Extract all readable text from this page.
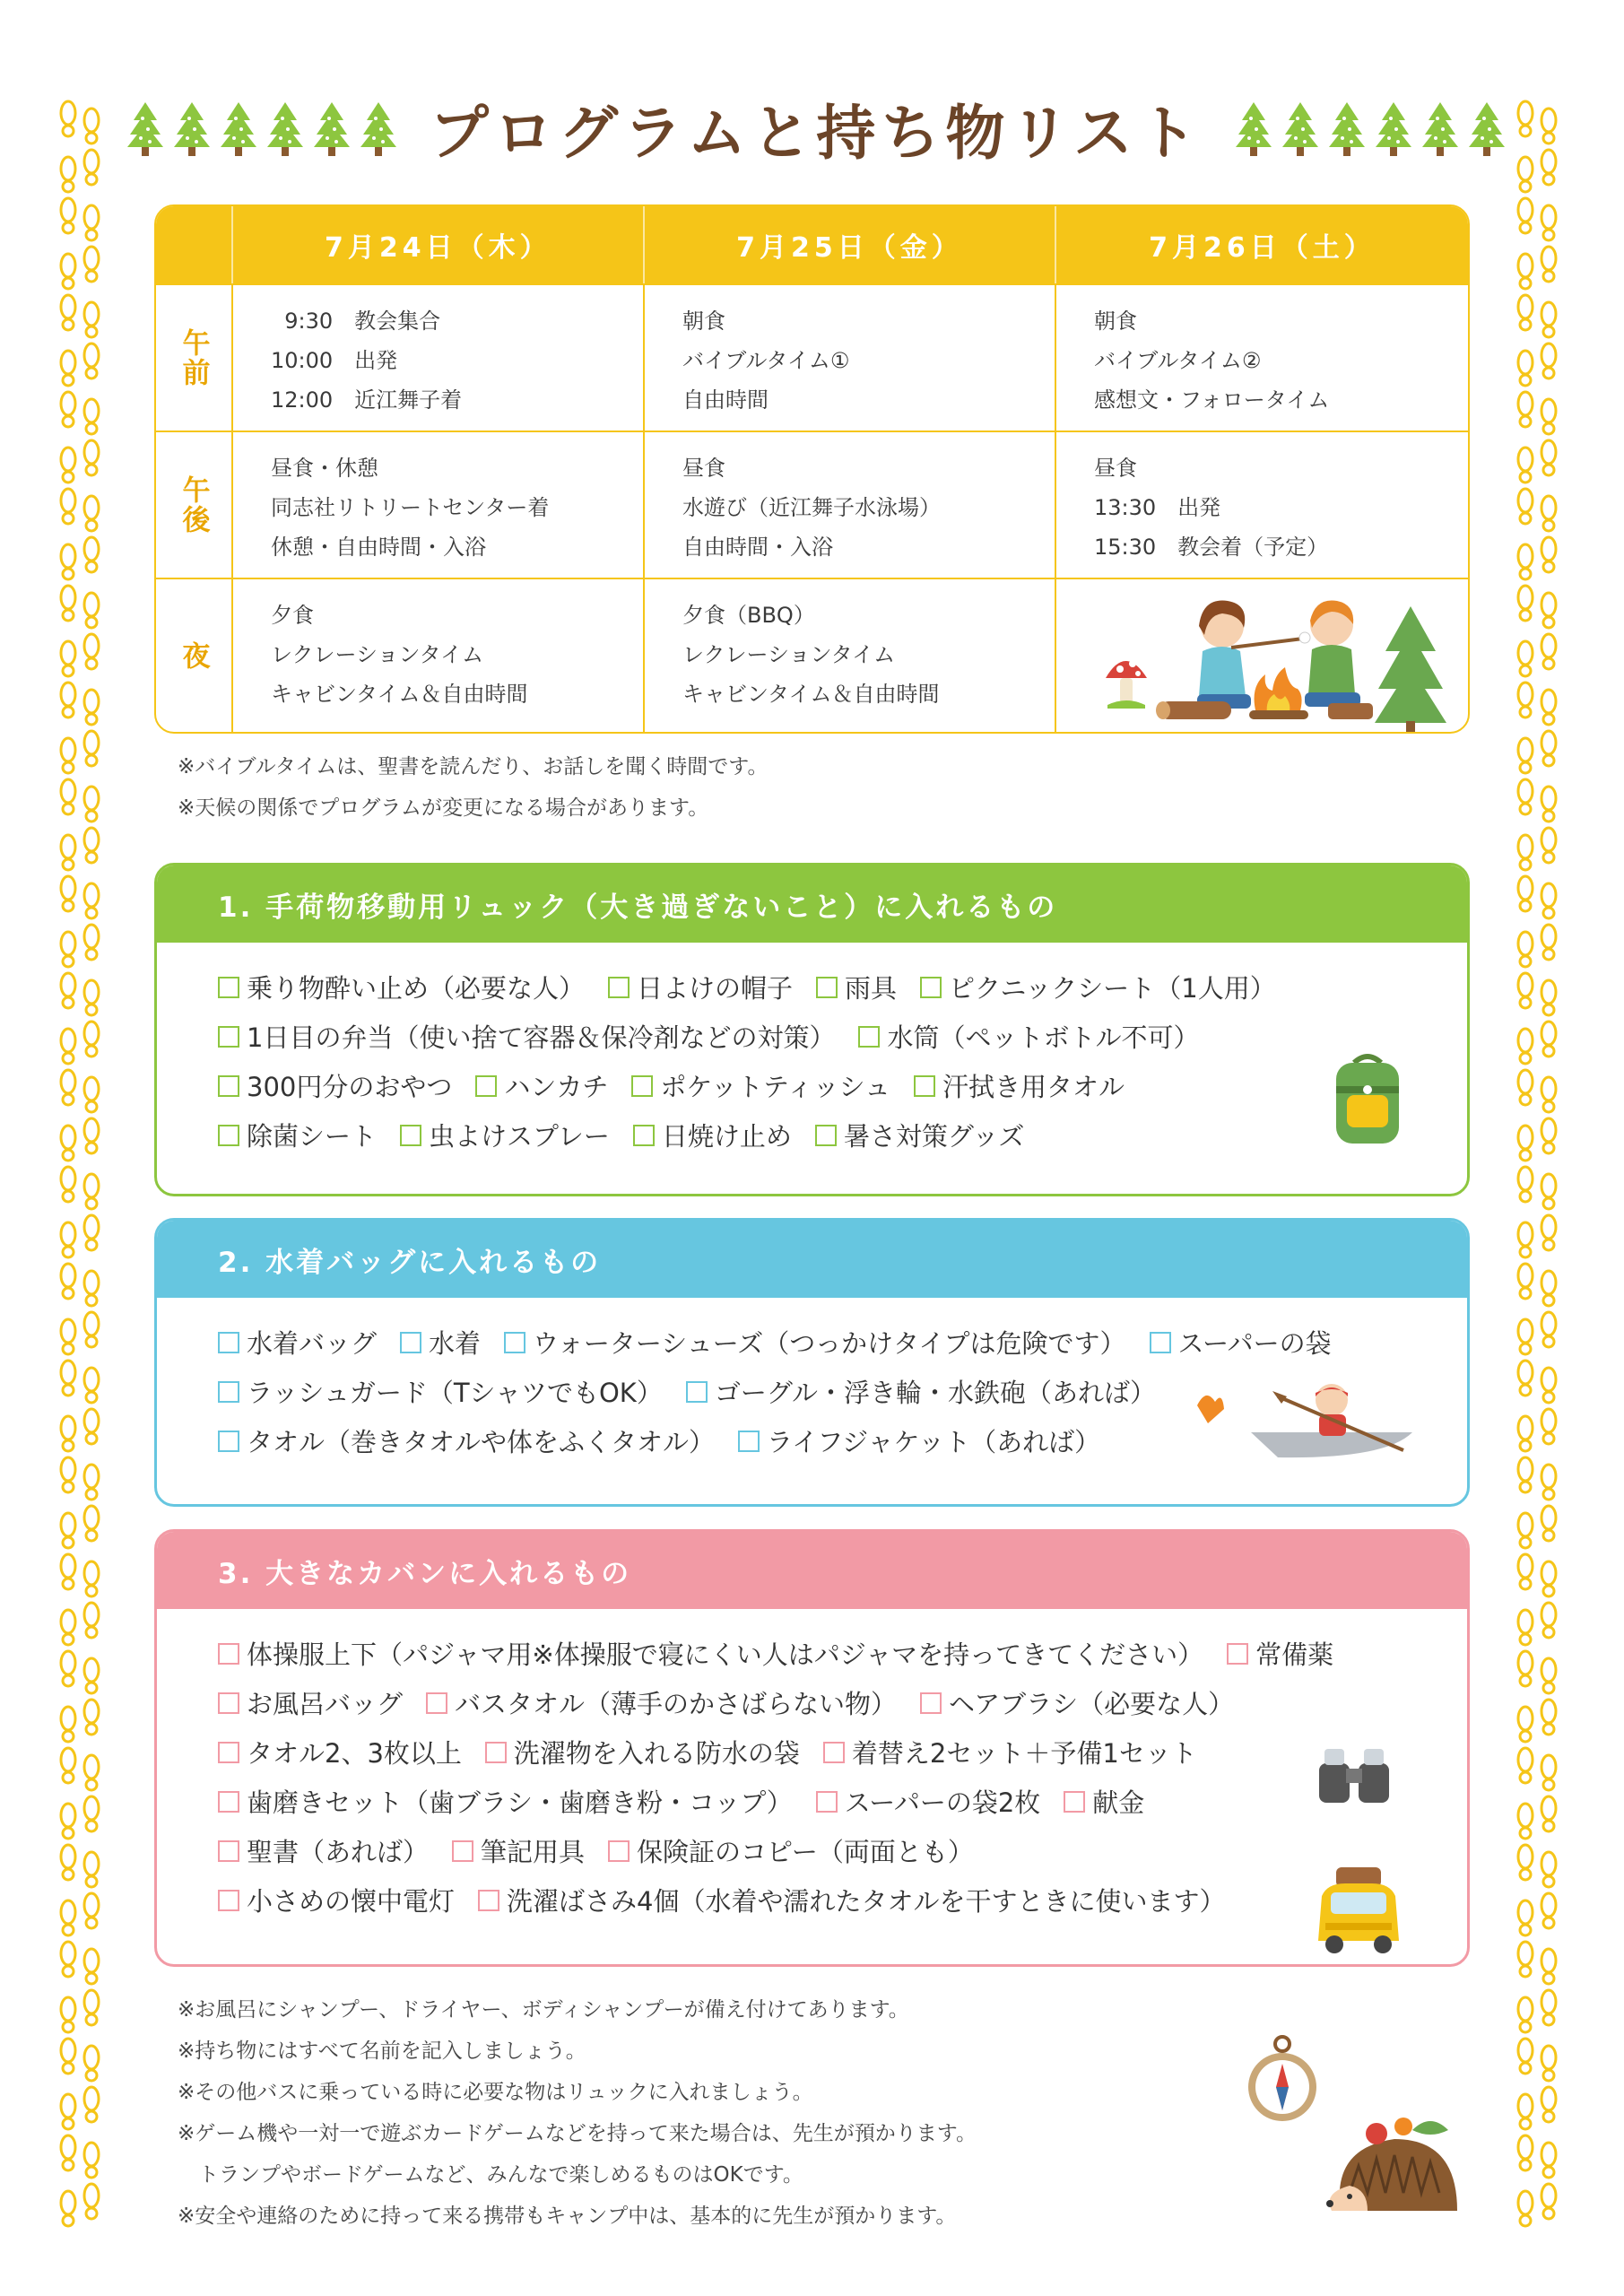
プログラムと持ち物リスト
7月24日（木）	7月25日（金）	7月26日（土）
午前
9:30　教会集合
10:00　出発
12:00　近江舞子着
朝食
バイブルタイム①
自由時間
朝食
バイブルタイム②
感想文・フォロータイム
午後
昼食・休憩
同志社リトリートセンター着
休憩・自由時間・入浴
昼食
水遊び（近江舞子水泳場）
自由時間・入浴
昼食
13:30　出発
15:30　教会着（予定）
夜
夕食
レクレーションタイム
キャビンタイム＆自由時間
夕食（BBQ）
レクレーションタイム
キャビンタイム＆自由時間
※バイブルタイムは、聖書を読んだり、お話しを聞く時間です。
※天候の関係でプログラムが変更になる場合があります。
1. 手荷物移動用リュック（大き過ぎないこと）に入れるもの
乗り物酔い止め（必要な人） 日よけの帽子 雨具 ピクニックシート（1人用）
1日目の弁当（使い捨て容器＆保冷剤などの対策） 水筒（ペットボトル不可）
300円分のおやつ ハンカチ ポケットティッシュ 汗拭き用タオル
除菌シート 虫よけスプレー 日焼け止め 暑さ対策グッズ
2. 水着バッグに入れるもの
水着バッグ 水着 ウォーターシューズ（つっかけタイプは危険です） スーパーの袋
ラッシュガード（TシャツでもOK） ゴーグル・浮き輪・水鉄砲（あれば）
タオル（巻きタオルや体をふくタオル） ライフジャケット（あれば）
3. 大きなカバンに入れるもの
体操服上下（パジャマ用※体操服で寝にくい人はパジャマを持ってきてください） 常備薬
お風呂バッグ バスタオル（薄手のかさばらない物） ヘアブラシ（必要な人）
タオル2、3枚以上 洗濯物を入れる防水の袋 着替え2セット＋予備1セット
歯磨きセット（歯ブラシ・歯磨き粉・コップ） スーパーの袋2枚 献金
聖書（あれば） 筆記用具 保険証のコピー（両面とも）
小さめの懐中電灯 洗濯ばさみ4個（水着や濡れたタオルを干すときに使います）
※お風呂にシャンプー、ドライヤー、ボディシャンプーが備え付けてあります。
※持ち物にはすべて名前を記入しましょう。
※その他バスに乗っている時に必要な物はリュックに入れましょう。
※ゲーム機や一対一で遊ぶカードゲームなどを持って来た場合は、先生が預かります。
　トランプやボードゲームなど、みんなで楽しめるものはOKです。
※安全や連絡のために持って来る携帯もキャンプ中は、基本的に先生が預かります。
